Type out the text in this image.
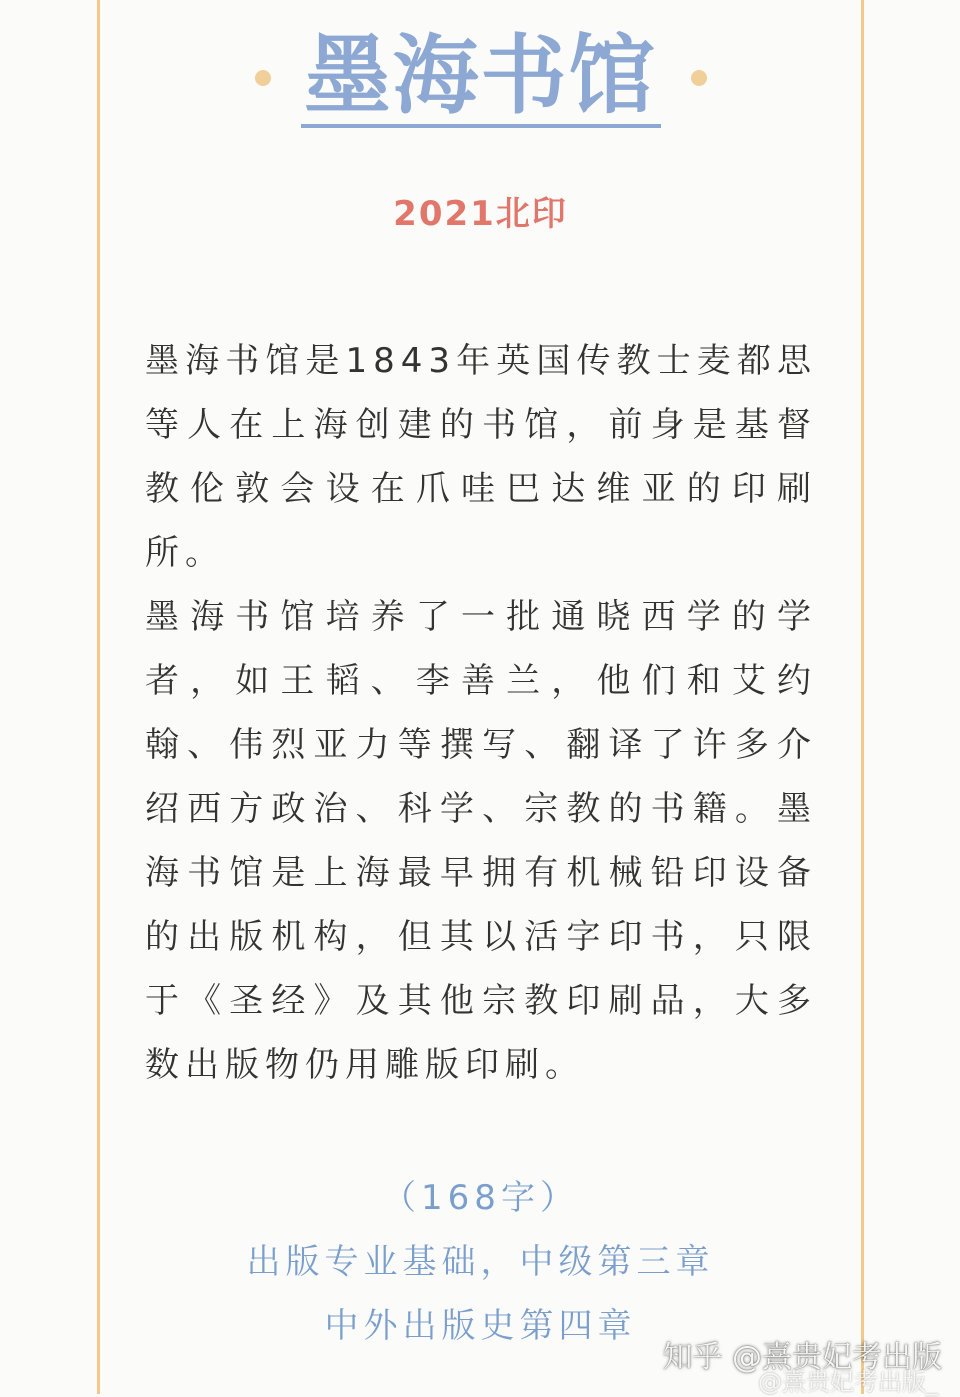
墨海书馆
2021北印

墨海书馆是1843年英国传教士麦都思等人在上海创建的书馆，前身是基督教伦敦会设在爪哇巴达维亚的印刷所。

墨海书馆培养了一批通晓西学的学者，如王韬、李善兰，他们和艾约翰、伟烈亚力等撰写、翻译了许多介绍西方政治、科学、宗教的书籍。墨海书馆是上海最早拥有机械铅印设备的出版机构，但其以活字印书，只限于《圣经》及其他宗教印刷品，大多数出版物仍用雕版印刷。

（168字）
出版专业基础，中级第三章
中外出版史第四章
知乎 @熹贵妃考出版
@熹贵妃考出版_
